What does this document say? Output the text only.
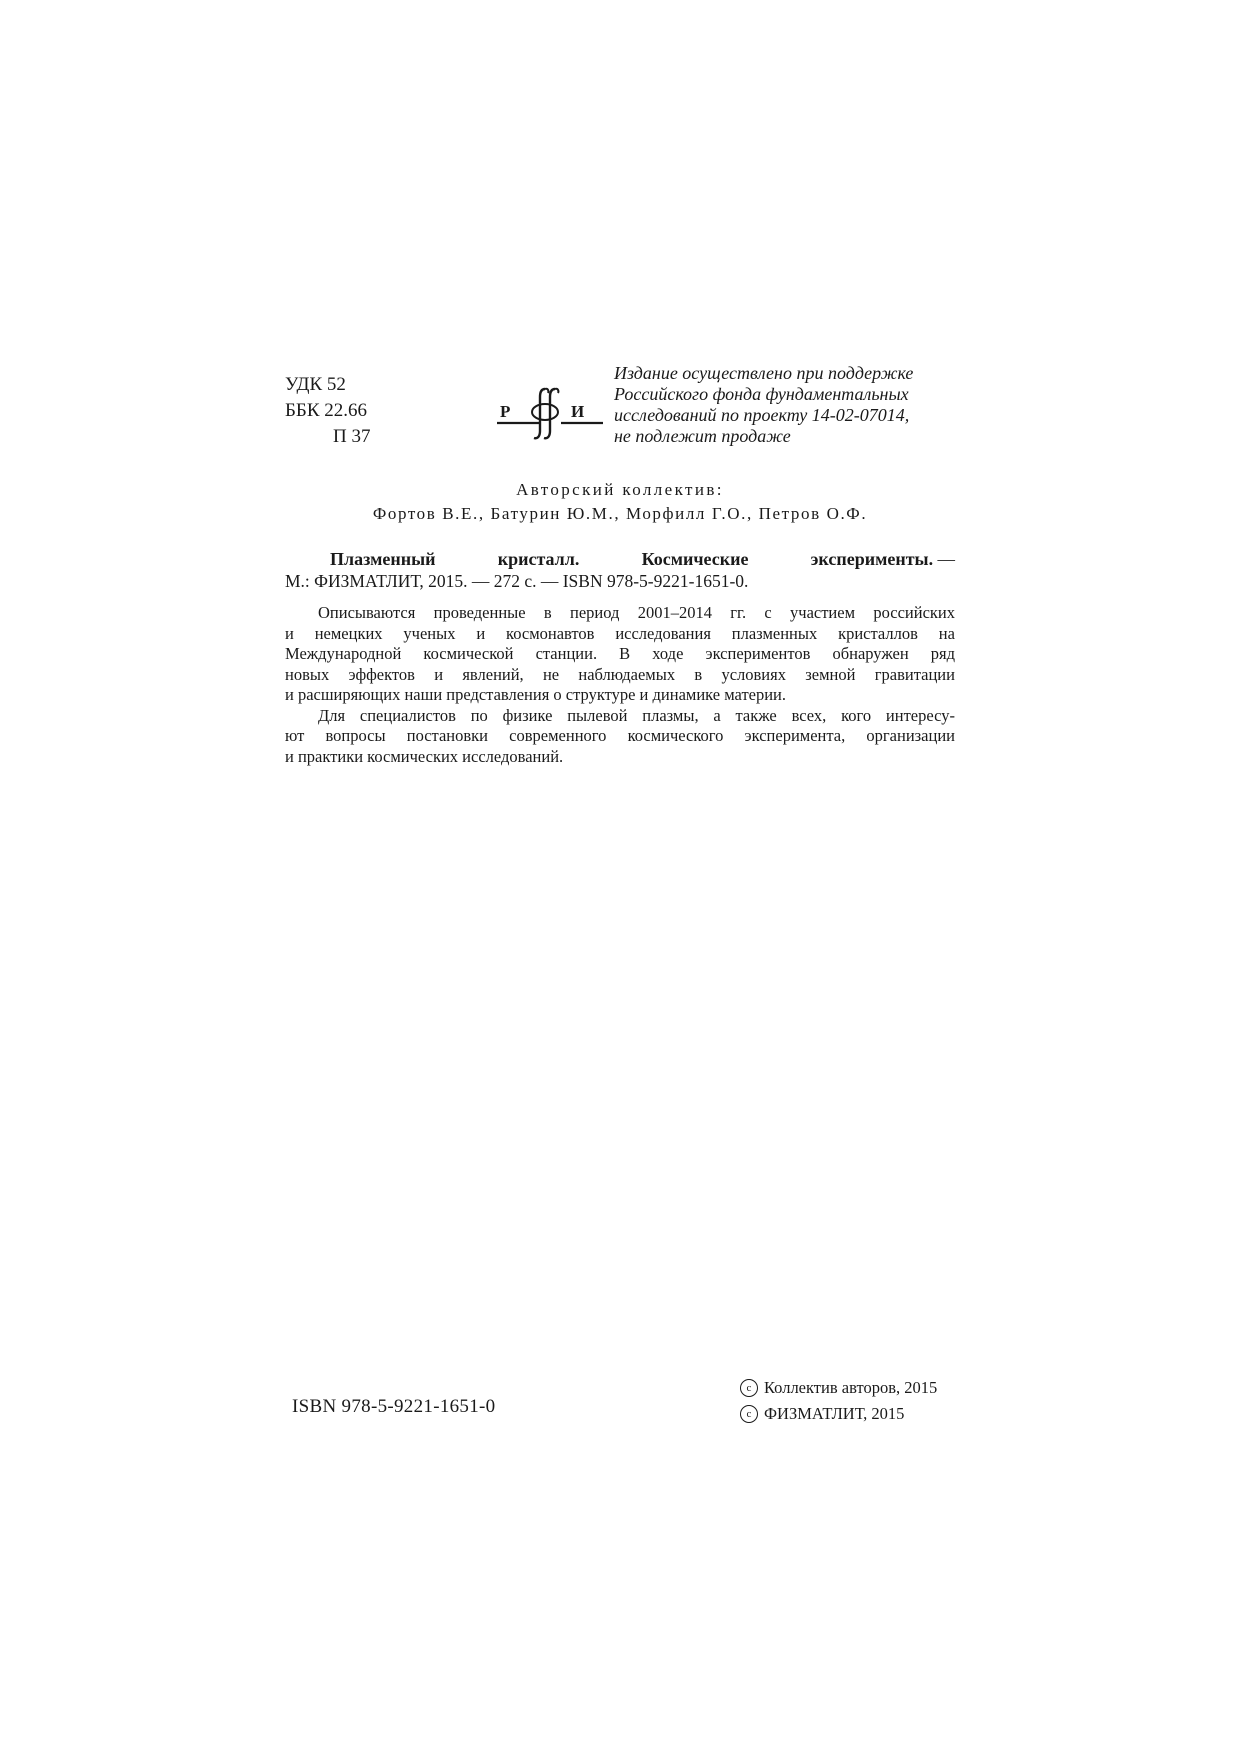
УДК 52
ББК 22.66
П 37
Р	И
Ф
Издание осуществлено при поддержке
Российского фонда фундаментальных
исследований по проекту 14-02-07014,
не подлежит продаже
Авторский коллектив:
Фортов В.Е., Батурин Ю.М., Морфилл Г.О., Петров О.Ф.
Плазменный	кристалл.	Космические	эксперименты. —
М.: ФИЗМАТЛИТ, 2015. — 272 с. — ISBN 978-5-9221-1651-0.
Описываются проведенные в период 2001–2014 гг. с участием российских
и немецких ученых и космонавтов исследования плазменных кристаллов на
Международной космической станции. В ходе экспериментов обнаружен ряд
новых эффектов и явлений, не наблюдаемых в условиях земной гравитации
и расширяющих наши представления о структуре и динамике материи.
Для специалистов по физике пылевой плазмы, а также всех, кого интересу-
ют вопросы постановки современного космического эксперимента, организации
и практики космических исследований.
ISBN 978-5-9221-1651-0
c Коллектив авторов, 2015
c ФИЗМАТЛИТ, 2015
